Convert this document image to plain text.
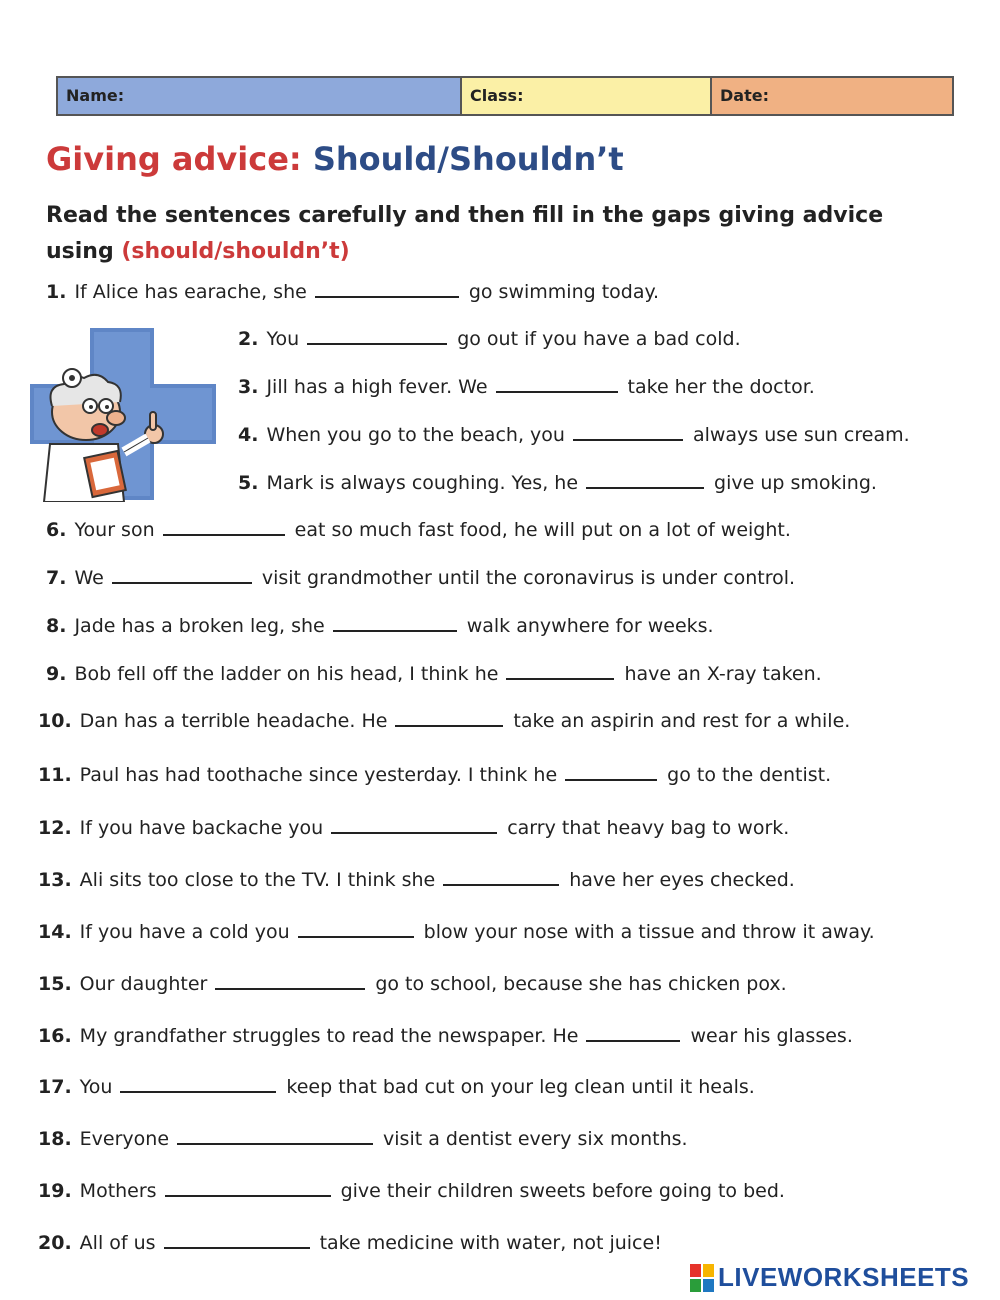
Name:	Class:	Date:
Giving advice: Should/Shouldn’t
Read the sentences carefully and then fill in the gaps giving advice using (should/shouldn’t)
1. If Alice has earache, she	go swimming today.
2. You	go out if you have a bad cold.
3. Jill has a high fever. We	take her the doctor.
4. When you go to the beach, you	always use sun cream.
5. Mark is always coughing. Yes, he	give up smoking.
6. Your son	eat so much fast food, he will put on a lot of weight.
7. We	visit grandmother until the coronavirus is under control.
8. Jade has a broken leg, she	walk anywhere for weeks.
9. Bob fell off the ladder on his head, I think he	have an X-ray taken.
10. Dan has a terrible headache. He	take an aspirin and rest for a while.
11. Paul has had toothache since yesterday. I think he	go to the dentist.
12. If you have backache you	carry that heavy bag to work.
13. Ali sits too close to the TV. I think she	have her eyes checked.
14. If you have a cold you	blow your nose with a tissue and throw it away.
15. Our daughter	go to school, because she has chicken pox.
16. My grandfather struggles to read the newspaper. He	wear his glasses.
17. You	keep that bad cut on your leg clean until it heals.
18. Everyone	visit a dentist every six months.
19. Mothers	give their children sweets before going to bed.
20. All of us	take medicine with water, not juice!
LIVEWORKSHEETS
